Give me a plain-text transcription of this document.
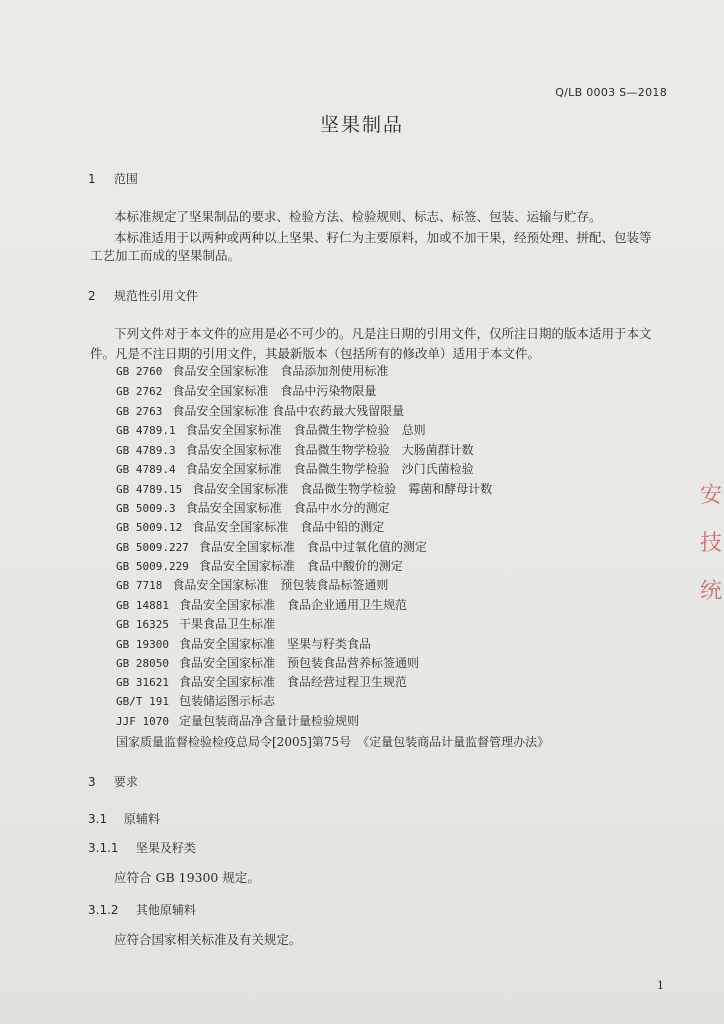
Q/LB 0003 S—2018
坚果制品
1 范围
本标准规定了坚果制品的要求、检验方法、检验规则、标志、标签、包装、运输与贮存。
本标准适用于以两种或两种以上坚果、籽仁为主要原料，加或不加干果，经预处理、拼配、包装等
工艺加工而成的坚果制品。
2 规范性引用文件
下列文件对于本文件的应用是必不可少的。凡是注日期的引用文件，仅所注日期的版本适用于本文
件。凡是不注日期的引用文件，其最新版本（包括所有的修改单）适用于本文件。
GB 2760 食品安全国家标准　食品添加剂使用标准
GB 2762 食品安全国家标准　食品中污染物限量
GB 2763 食品安全国家标准 食品中农药最大残留限量
GB 4789.1 食品安全国家标准　食品微生物学检验　总则
GB 4789.3 食品安全国家标准　食品微生物学检验　大肠菌群计数
GB 4789.4 食品安全国家标准　食品微生物学检验　沙门氏菌检验
GB 4789.15 食品安全国家标准　食品微生物学检验　霉菌和酵母计数
GB 5009.3 食品安全国家标准　食品中水分的测定
GB 5009.12 食品安全国家标准　食品中铅的测定
GB 5009.227 食品安全国家标准　食品中过氧化值的测定
GB 5009.229 食品安全国家标准　食品中酸价的测定
GB 7718 食品安全国家标准　预包装食品标签通则
GB 14881 食品安全国家标准　食品企业通用卫生规范
GB 16325 干果食品卫生标准
GB 19300 食品安全国家标准　坚果与籽类食品
GB 28050 食品安全国家标准　预包装食品营养标签通则
GB 31621 食品安全国家标准　食品经营过程卫生规范
GB/T 191 包装储运图示标志
JJF 1070 定量包装商品净含量计量检验规则
国家质量监督检验检疫总局令[2005]第75号　《定量包装商品计量监督管理办法》
3 要求
3.1 原辅料
3.1.1 坚果及籽类
应符合 GB 19300 规定。
3.1.2 其他原辅料
应符合国家相关标准及有关规定。
1
安
技
统
